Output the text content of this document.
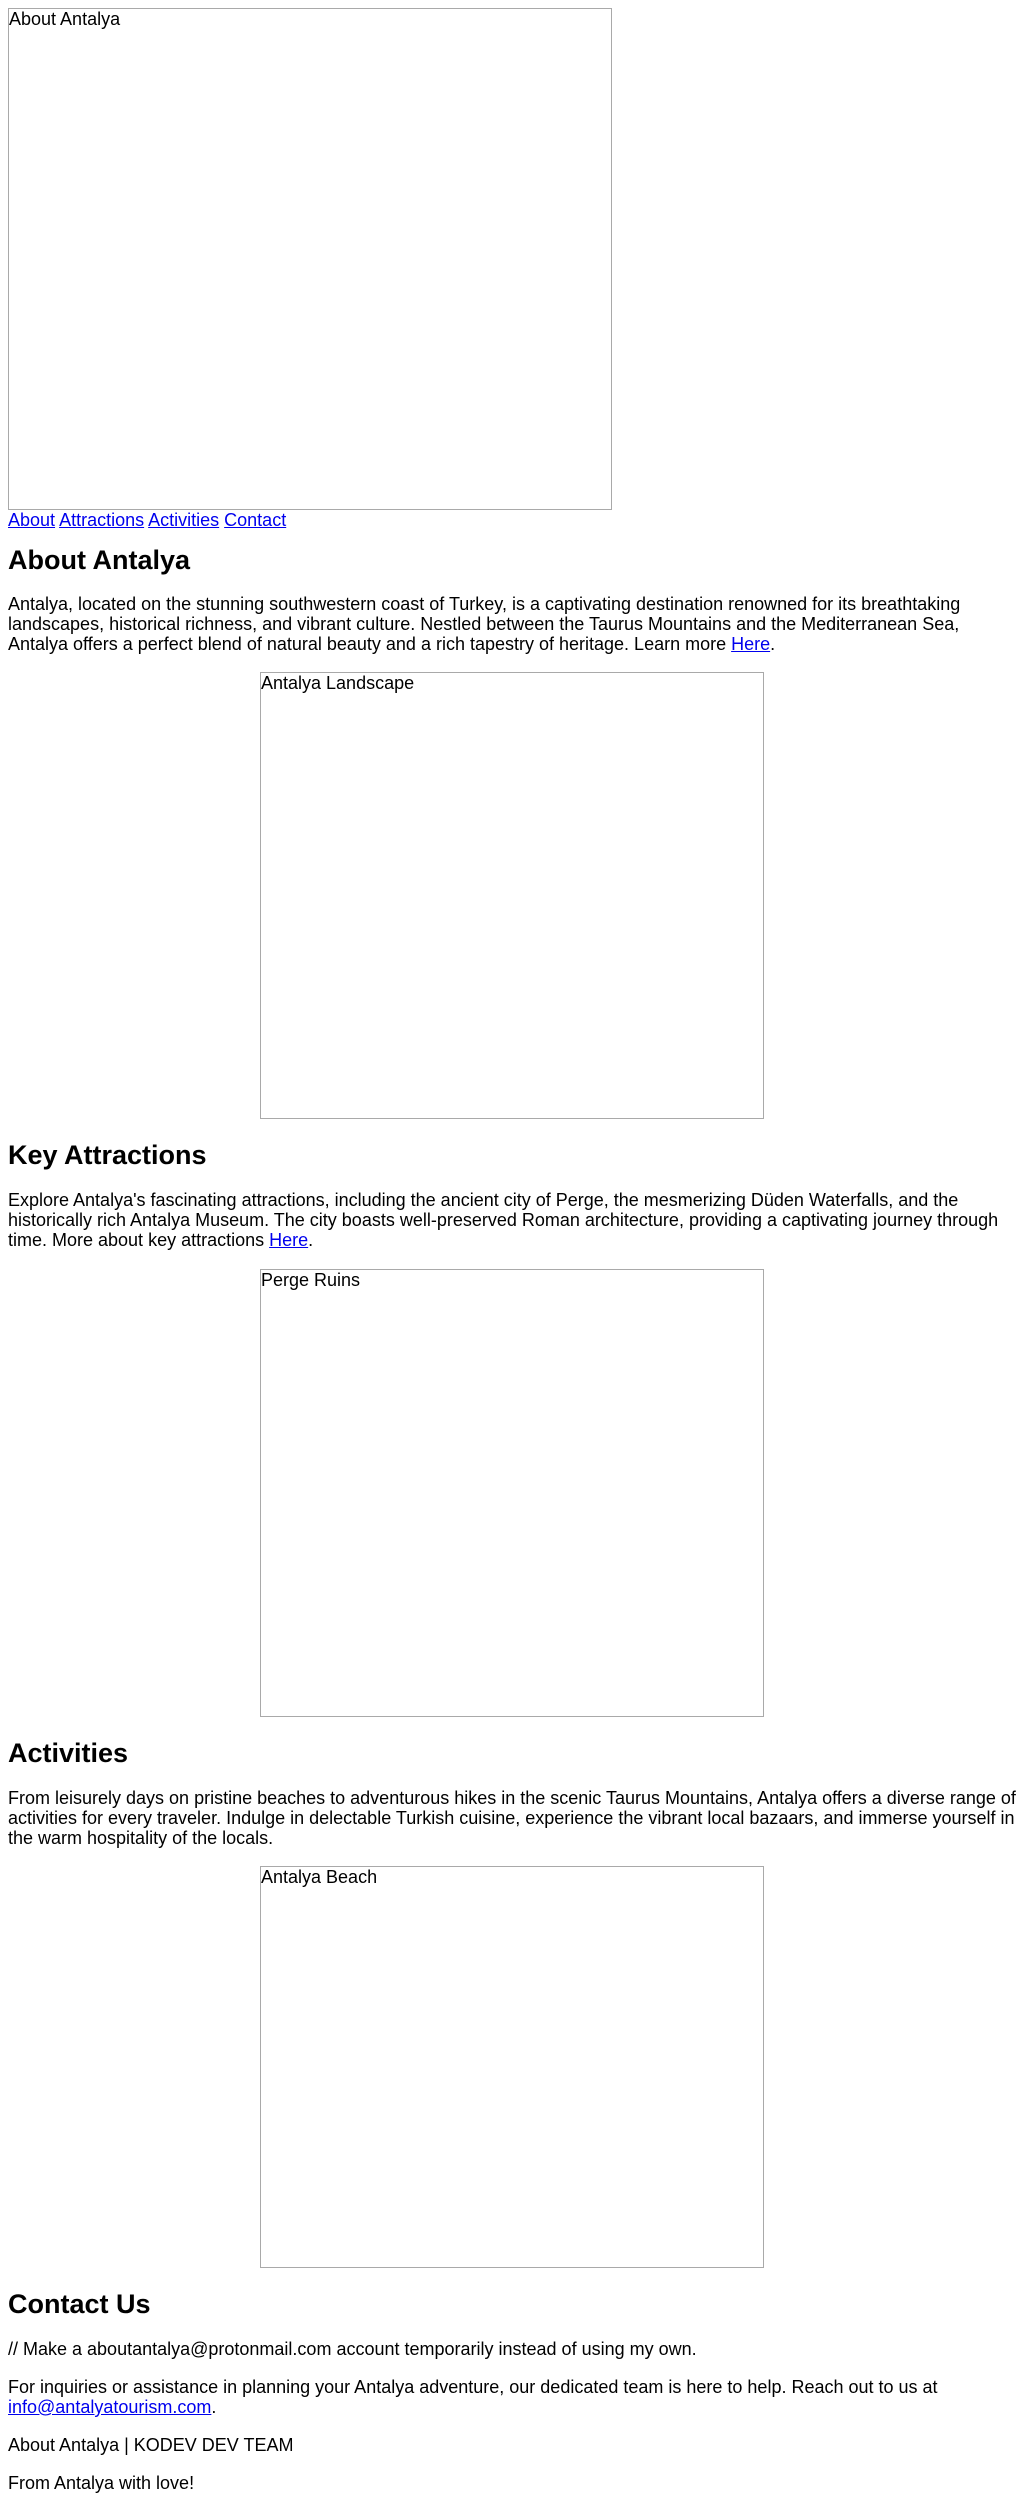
About Antalya
About Attractions Activities Contact
About Antalya

Antalya, located on the stunning southwestern coast of Turkey, is a captivating destination renowned for its breathtaking landscapes, historical richness, and vibrant culture. Nestled between the Taurus Mountains and the Mediterranean Sea, Antalya offers a perfect blend of natural beauty and a rich tapestry of heritage. Learn more Here.

Antalya Landscape
Key Attractions

Explore Antalya's fascinating attractions, including the ancient city of Perge, the mesmerizing Düden Waterfalls, and the historically rich Antalya Museum. The city boasts well-preserved Roman architecture, providing a captivating journey through time. More about key attractions Here.

Perge Ruins
Activities

From leisurely days on pristine beaches to adventurous hikes in the scenic Taurus Mountains, Antalya offers a diverse range of activities for every traveler. Indulge in delectable Turkish cuisine, experience the vibrant local bazaars, and immerse yourself in the warm hospitality of the locals.

Antalya Beach
Contact Us

// Make a aboutantalya@protonmail.com account temporarily instead of using my own.

For inquiries or assistance in planning your Antalya adventure, our dedicated team is here to help. Reach out to us at info@antalyatourism.com.

About Antalya | KODEV DEV TEAM

From Antalya with love!
